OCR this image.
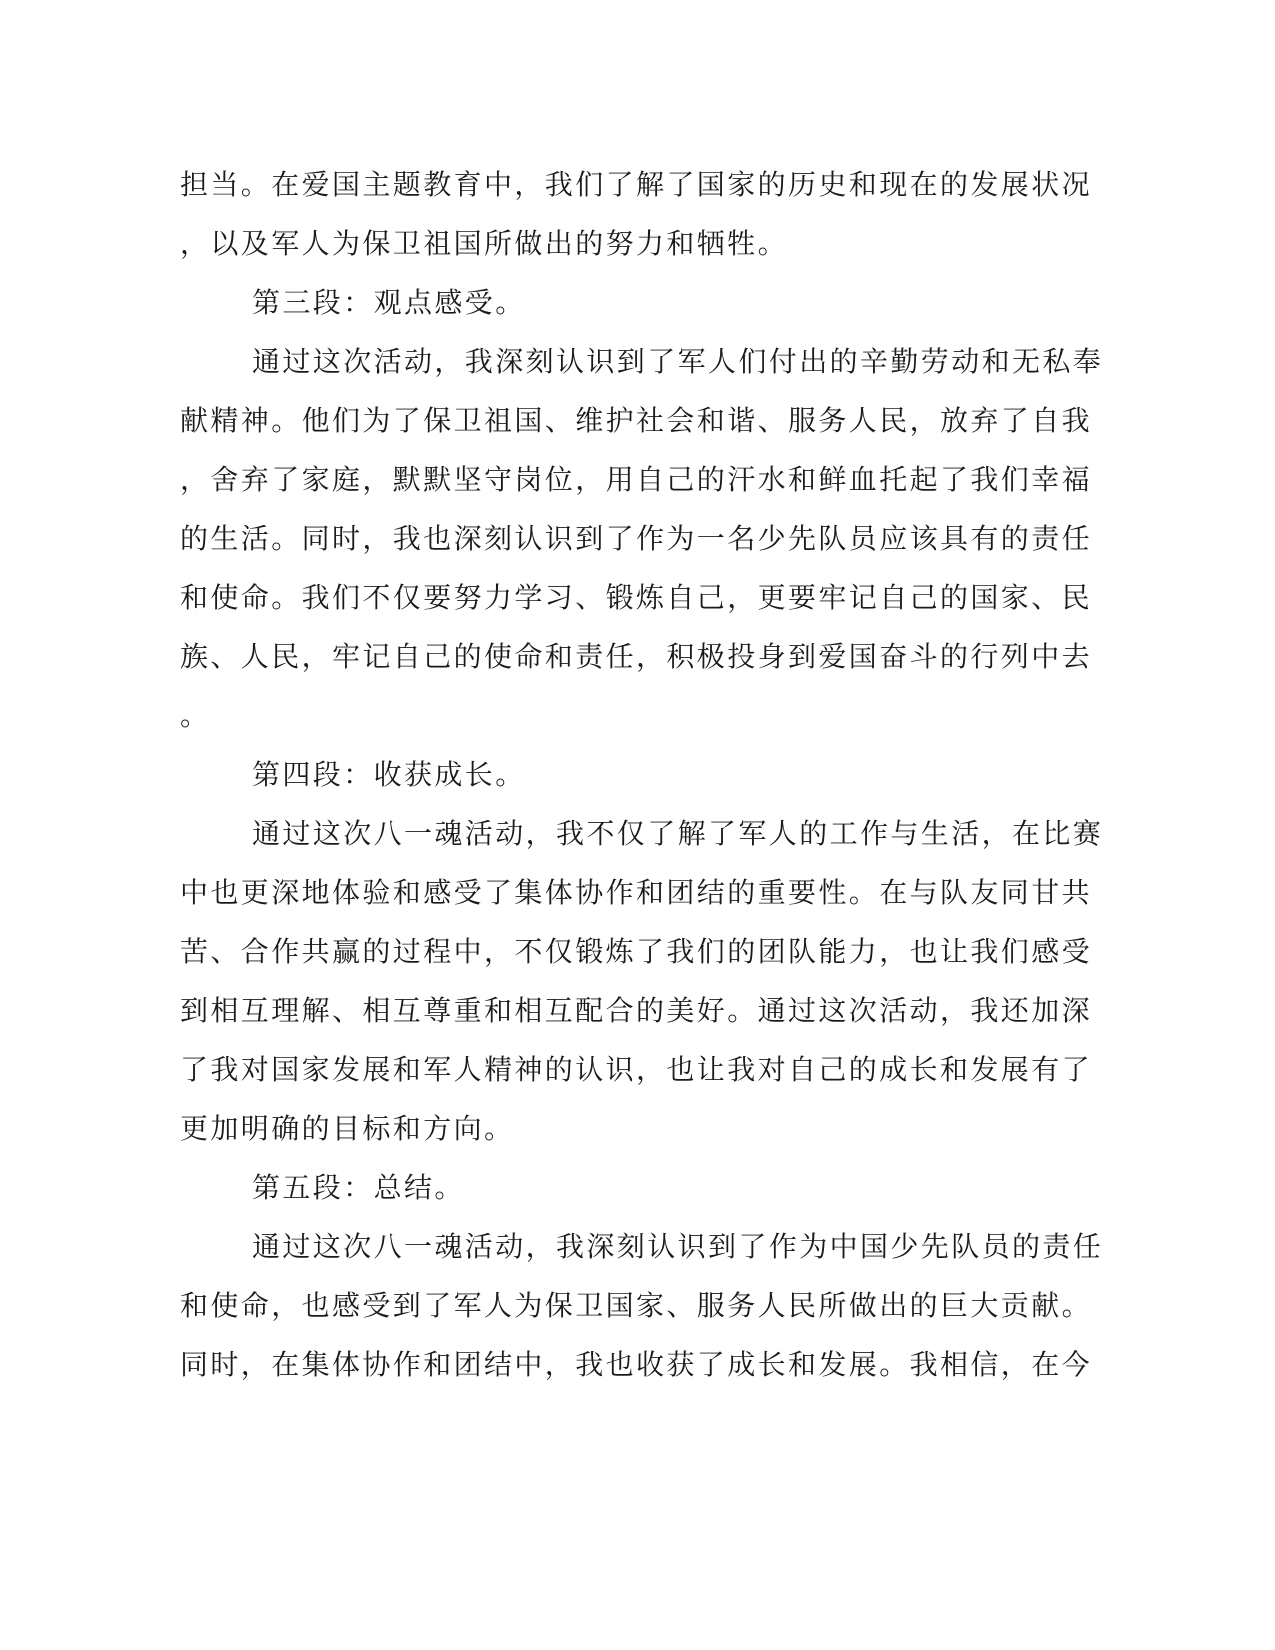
担当。在爱国主题教育中，我们了解了国家的历史和现在的发展状况
，以及军人为保卫祖国所做出的努力和牺牲。
第三段：观点感受。
通过这次活动，我深刻认识到了军人们付出的辛勤劳动和无私奉
献精神。他们为了保卫祖国、维护社会和谐、服务人民，放弃了自我
，舍弃了家庭，默默坚守岗位，用自己的汗水和鲜血托起了我们幸福
的生活。同时，我也深刻认识到了作为一名少先队员应该具有的责任
和使命。我们不仅要努力学习、锻炼自己，更要牢记自己的国家、民
族、人民，牢记自己的使命和责任，积极投身到爱国奋斗的行列中去
。
第四段：收获成长。
通过这次八一魂活动，我不仅了解了军人的工作与生活，在比赛
中也更深地体验和感受了集体协作和团结的重要性。在与队友同甘共
苦、合作共赢的过程中，不仅锻炼了我们的团队能力，也让我们感受
到相互理解、相互尊重和相互配合的美好。通过这次活动，我还加深
了我对国家发展和军人精神的认识，也让我对自己的成长和发展有了
更加明确的目标和方向。
第五段：总结。
通过这次八一魂活动，我深刻认识到了作为中国少先队员的责任
和使命，也感受到了军人为保卫国家、服务人民所做出的巨大贡献。
同时，在集体协作和团结中，我也收获了成长和发展。我相信，在今
